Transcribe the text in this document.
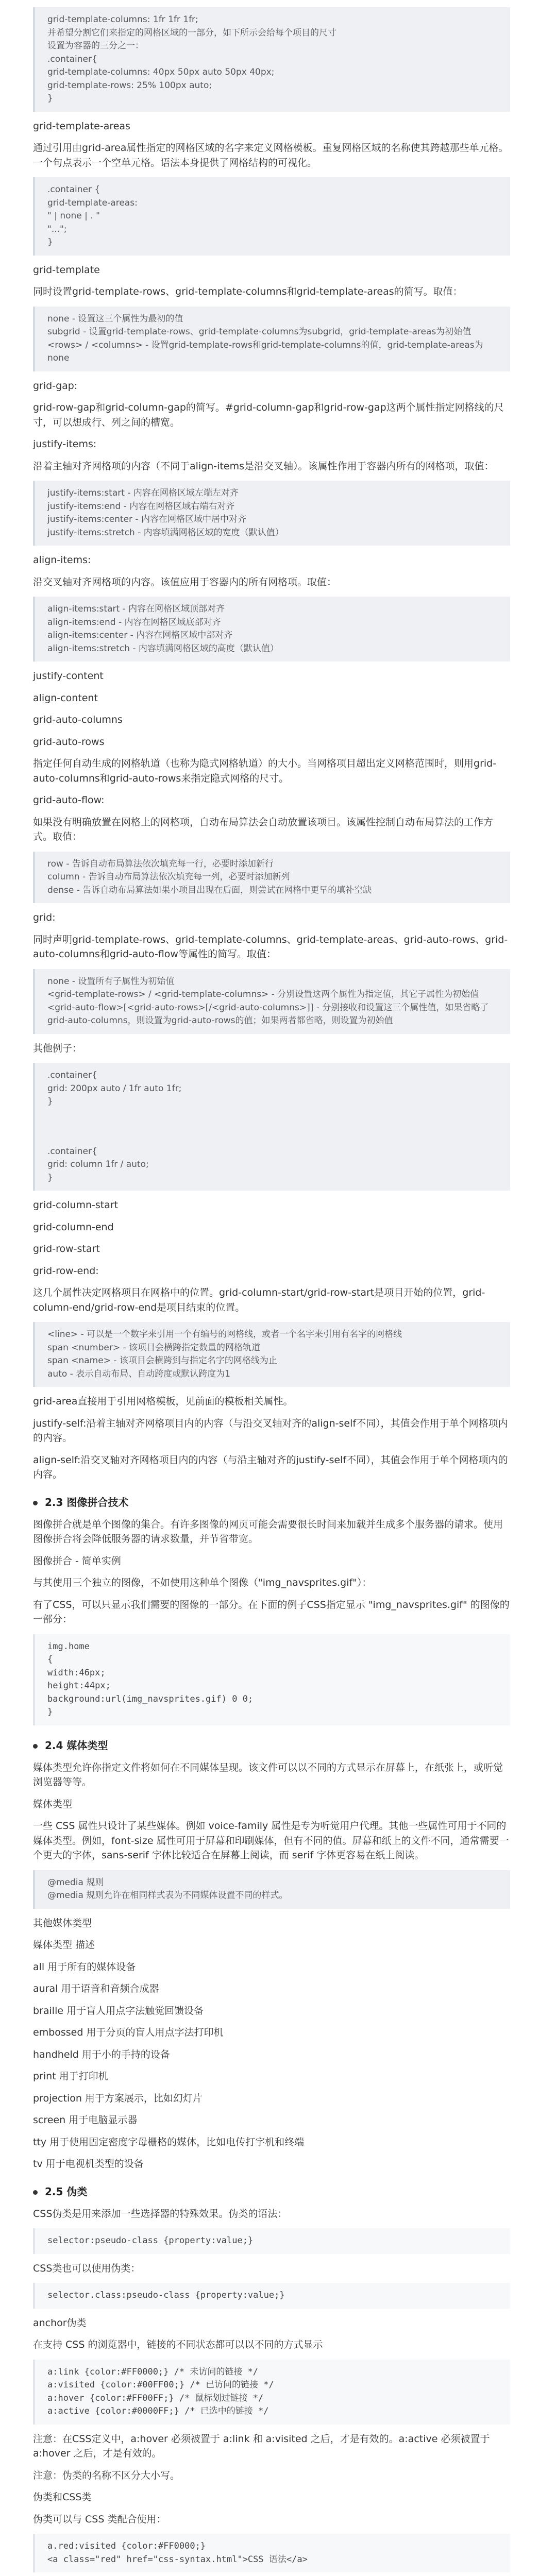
grid-template-columns: 1fr 1fr 1fr;
并希望分割它们来指定的网格区域的一部分，如下所示会给每个项目的尺寸
设置为容器的三分之一：
.container{
grid-template-columns: 40px 50px auto 50px 40px;
grid-template-rows: 25% 100px auto;
}

grid-template-areas

通过引用由grid-area属性指定的网格区域的名字来定义网格模板。重复网格区域的名称使其跨越那些单元格。一个句点表示一个空单元格。语法本身提供了网格结构的可视化。

.container {
grid-template-areas:
" | none | . "
"...";
}

grid-template

同时设置grid-template-rows、grid-template-columns和grid-template-areas的简写。取值：

none - 设置这三个属性为最初的值
subgrid - 设置grid-template-rows、grid-template-columns为subgrid，grid-template-areas为初始值
<rows> / <columns> - 设置grid-template-rows和grid-template-columns的值，grid-template-areas为none

grid-gap:

grid-row-gap和grid-column-gap的简写。#grid-column-gap和grid-row-gap这两个属性指定网格线的尺寸，可以想成行、列之间的槽宽。

justify-items:

沿着主轴对齐网格项的内容（不同于align-items是沿交叉轴）。该属性作用于容器内所有的网格项，取值：

justify-items:start - 内容在网格区域左端左对齐
justify-items:end - 内容在网格区域右端右对齐
justify-items:center - 内容在网格区域中居中对齐
justify-items:stretch - 内容填满网格区域的宽度（默认值）

align-items:

沿交叉轴对齐网格项的内容。该值应用于容器内的所有网格项。取值：

align-items:start - 内容在网格区域顶部对齐
align-items:end - 内容在网格区域底部对齐
align-items:center - 内容在网格区域中部对齐
align-items:stretch - 内容填满网格区域的高度（默认值）

justify-content

align-content

grid-auto-columns

grid-auto-rows

指定任何自动生成的网格轨道（也称为隐式网格轨道）的大小。当网格项目超出定义网格范围时，则用grid-auto-columns和grid-auto-rows来指定隐式网格的尺寸。

grid-auto-flow:

如果没有明确放置在网格上的网格项，自动布局算法会自动放置该项目。该属性控制自动布局算法的工作方式。取值：

row - 告诉自动布局算法依次填充每一行，必要时添加新行
column - 告诉自动布局算法依次填充每一列，必要时添加新列
dense - 告诉自动布局算法如果小项目出现在后面，则尝试在网格中更早的填补空缺

grid:

同时声明grid-template-rows、grid-template-columns、grid-template-areas、grid-auto-rows、grid-auto-columns和grid-auto-flow等属性的简写。取值：

none - 设置所有子属性为初始值
<grid-template-rows> / <grid-template-columns> - 分别设置这两个属性为指定值，其它子属性为初始值
<grid-auto-flow>[<grid-auto-rows>[/<grid-auto-columns>]] - 分别接收和设置这三个属性值，如果省略了grid-auto-columns，则设置为grid-auto-rows的值；如果两者都省略，则设置为初始值

其他例子：

.container{
grid: 200px auto / 1fr auto 1fr;
}
.container{
grid: column 1fr / auto;
}

grid-column-start

grid-column-end

grid-row-start

grid-row-end:

这几个属性决定网格项目在网格中的位置。grid-column-start/grid-row-start是项目开始的位置，grid-column-end/grid-row-end是项目结束的位置。

<line> - 可以是一个数字来引用一个有编号的网格线，或者一个名字来引用有名字的网格线
span <number> - 该项目会横跨指定数量的网格轨道
span <name> - 该项目会横跨到与指定名字的网格线为止
auto - 表示自动布局、自动跨度或默认跨度为1

grid-area直接用于引用网格模板，见前面的模板相关属性。

justify-self:沿着主轴对齐网格项目内的内容（与沿交叉轴对齐的align-self不同），其值会作用于单个网格项内的内容。

align-self:沿交叉轴对齐网格项目内的内容（与沿主轴对齐的justify-self不同），其值会作用于单个网格项内的内容。

2.3 图像拼合技术

图像拼合就是单个图像的集合。有许多图像的网页可能会需要很长时间来加载并生成多个服务器的请求。使用图像拼合将会降低服务器的请求数量，并节省带宽。

图像拼合 - 简单实例

与其使用三个独立的图像，不如使用这种单个图像（"img_navsprites.gif"）：

有了CSS，可以只显示我们需要的图像的一部分。在下面的例子CSS指定显示 "img_navsprites.gif" 的图像的一部分：

img.home
{
width:46px;
height:44px;
background:url(img_navsprites.gif) 0 0;
}
2.4 媒体类型

媒体类型允许你指定文件将如何在不同媒体呈现。该文件可以以不同的方式显示在屏幕上，在纸张上，或听觉浏览器等等。

媒体类型

一些 CSS 属性只设计了某些媒体。例如 voice-family 属性是专为听觉用户代理。其他一些属性可用于不同的媒体类型。例如，font-size 属性可用于屏幕和印刷媒体，但有不同的值。屏幕和纸上的文件不同，通常需要一个更大的字体，sans-serif 字体比较适合在屏幕上阅读，而 serif 字体更容易在纸上阅读。

@media 规则
@media 规则允许在相同样式表为不同媒体设置不同的样式。

其他媒体类型

媒体类型 描述

all 用于所有的媒体设备

aural 用于语音和音频合成器

braille 用于盲人用点字法触觉回馈设备

embossed 用于分页的盲人用点字法打印机

handheld 用于小的手持的设备

print 用于打印机

projection 用于方案展示，比如幻灯片

screen 用于电脑显示器

tty 用于使用固定密度字母栅格的媒体，比如电传打字机和终端

tv 用于电视机类型的设备

2.5 伪类

CSS伪类是用来添加一些选择器的特殊效果。伪类的语法：

selector:pseudo-class {property:value;}

CSS类也可以使用伪类：

selector.class:pseudo-class {property:value;}

anchor伪类

在支持 CSS 的浏览器中，链接的不同状态都可以以不同的方式显示

a:link {color:#FF0000;} /* 未访问的链接 */
a:visited {color:#00FF00;} /* 已访问的链接 */
a:hover {color:#FF00FF;} /* 鼠标划过链接 */
a:active {color:#0000FF;} /* 已选中的链接 */

注意：在CSS定义中，a:hover 必须被置于 a:link 和 a:visited 之后，才是有效的。a:active 必须被置于 a:hover 之后，才是有效的。

注意：伪类的名称不区分大小写。

伪类和CSS类

伪类可以与 CSS 类配合使用：

a.red:visited {color:#FF0000;}
<a class="red" href="css-syntax.html">CSS 语法</a>
